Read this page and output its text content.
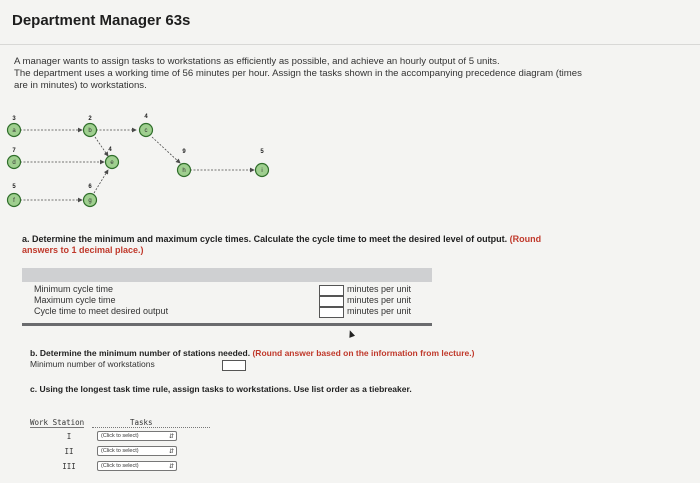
Department Manager 63s

A manager wants to assign tasks to workstations as efficiently as possible, and achieve an hourly output of 5 units.

The department uses a working time of 56 minutes per hour. Assign the tasks shown in the accompanying precedence diagram (times

are in minutes) to workstations.

a
3
b
2
c
4
d
7
e
4
h
9
i
5
f
5
g
6
a. Determine the minimum and maximum cycle times. Calculate the cycle time to meet the desired level of output. (Round
answers to 1 decimal place.)
Minimum cycle time	minutes per unit
Maximum cycle time	minutes per unit
Cycle time to meet desired output	minutes per unit
b. Determine the minimum number of stations needed. (Round answer based on the information from lecture.)
Minimum number of workstations
c. Using the longest task time rule, assign tasks to workstations. Use list order as a tiebreaker.
Work Station	Tasks
I	(Click to select)	⇵
II	(Click to select)	⇵
III	(Click to select)	⇵
